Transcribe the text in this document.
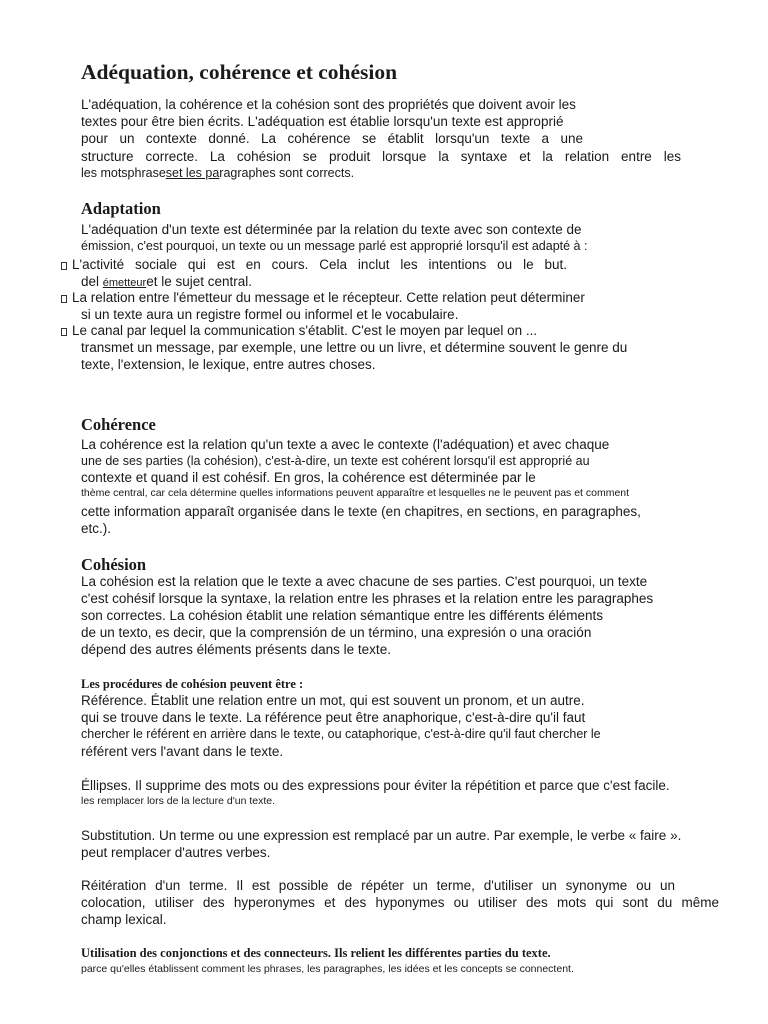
Adéquation, cohérence et cohésion
L'adéquation, la cohérence et la cohésion sont des propriétés que doivent avoir les
textes pour être bien écrits. L'adéquation est établie lorsqu'un texte est approprié
pour un contexte donné. La cohérence se établit lorsqu'un texte a une
structure correcte. La cohésion se produit lorsque la syntaxe et la relation entre les
les motsphraseset les paragraphes sont corrects.
Adaptation
L'adéquation d'un texte est déterminée par la relation du texte avec son contexte de
émission, c'est pourquoi, un texte ou un message parlé est approprié lorsqu'il est adapté à :
L'activité sociale qui est en cours. Cela inclut les intentions ou le but.
del émetteuret le sujet central.
La relation entre l'émetteur du message et le récepteur. Cette relation peut déterminer
si un texte aura un registre formel ou informel et le vocabulaire.
Le canal par lequel la communication s'établit. C'est le moyen par lequel on ...
transmet un message, par exemple, une lettre ou un livre, et détermine souvent le genre du
texte, l'extension, le lexique, entre autres choses.
Cohérence
La cohérence est la relation qu'un texte a avec le contexte (l'adéquation) et avec chaque
une de ses parties (la cohésion), c'est-à-dire, un texte est cohérent lorsqu'il est approprié au
contexte et quand il est cohésif. En gros, la cohérence est déterminée par le
thème central, car cela détermine quelles informations peuvent apparaître et lesquelles ne le peuvent pas et comment
cette information apparaît organisée dans le texte (en chapitres, en sections, en paragraphes,
etc.).
Cohésion
La cohésion est la relation que le texte a avec chacune de ses parties. C'est pourquoi, un texte
c'est cohésif lorsque la syntaxe, la relation entre les phrases et la relation entre les paragraphes
son correctes. La cohésion établit une relation sémantique entre les différents éléments
de un texto, es decir, que la comprensión de un término, una expresión o una oración
dépend des autres éléments présents dans le texte.
Les procédures de cohésion peuvent être :
Référence. Établit une relation entre un mot, qui est souvent un pronom, et un autre.
qui se trouve dans le texte. La référence peut être anaphorique, c'est-à-dire qu'il faut
chercher le référent en arrière dans le texte, ou cataphorique, c'est-à-dire qu'il faut chercher le
référent vers l'avant dans le texte.
Éllipses. Il supprime des mots ou des expressions pour éviter la répétition et parce que c'est facile.
les remplacer lors de la lecture d'un texte.
Substitution. Un terme ou une expression est remplacé par un autre. Par exemple, le verbe « faire ».
peut remplacer d'autres verbes.
Réitération d'un terme. Il est possible de répéter un terme, d'utiliser un synonyme ou un
colocation, utiliser des hyperonymes et des hyponymes ou utiliser des mots qui sont du même
champ lexical.
Utilisation des conjonctions et des connecteurs. Ils relient les différentes parties du texte.
parce qu'elles établissent comment les phrases, les paragraphes, les idées et les concepts se connectent.
